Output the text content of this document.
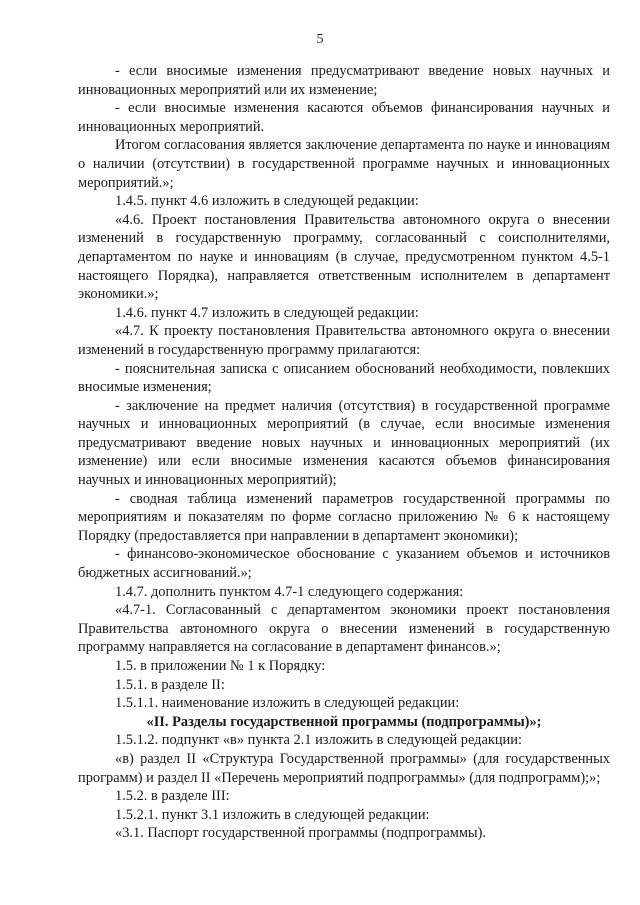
5

- если вносимые изменения предусматривают введение новых научных и инновационных мероприятий или их изменение;

- если вносимые изменения касаются объемов финансирования научных и инновационных мероприятий.

Итогом согласования является заключение департамента по науке и инновациям о наличии (отсутствии) в государственной программе научных и инновационных мероприятий.»;

1.4.5. пункт 4.6 изложить в следующей редакции:

«4.6. Проект постановления Правительства автономного округа о внесении изменений в государственную программу, согласованный с соисполнителями, департаментом по науке и инновациям (в случае, предусмотренном пунктом 4.5-1 настоящего Порядка), направляется ответственным исполнителем в департамент экономики.»;

1.4.6. пункт 4.7 изложить в следующей редакции:

«4.7. К проекту постановления Правительства автономного округа о внесении изменений в государственную программу прилагаются:

- пояснительная записка с описанием обоснований необходимости, повлекших вносимые изменения;

- заключение на предмет наличия (отсутствия) в государственной программе научных и инновационных мероприятий (в случае, если вносимые изменения предусматривают введение новых научных и инновационных мероприятий (их изменение) или если вносимые изменения касаются объемов финансирования научных и инновационных мероприятий);

- сводная таблица изменений параметров государственной программы по мероприятиям и показателям по форме согласно приложению № 6 к настоящему Порядку (предоставляется при направлении в департамент экономики);

- финансово-экономическое обоснование с указанием объемов и источников бюджетных ассигнований.»;

1.4.7. дополнить пунктом 4.7-1 следующего содержания:

«4.7-1. Согласованный с департаментом экономики проект постановления Правительства автономного округа о внесении изменений в государственную программу направляется на согласование в департамент финансов.»;

1.5. в приложении № 1 к Порядку:

1.5.1. в разделе II:

1.5.1.1. наименование изложить в следующей редакции:

«II. Разделы государственной программы (подпрограммы)»;

1.5.1.2. подпункт «в» пункта 2.1 изложить в следующей редакции:

«в) раздел II «Структура Государственной программы» (для государственных программ) и раздел II «Перечень мероприятий подпрограммы» (для подпрограмм);»;

1.5.2. в разделе III:

1.5.2.1. пункт 3.1 изложить в следующей редакции:

«3.1. Паспорт государственной программы (подпрограммы).
